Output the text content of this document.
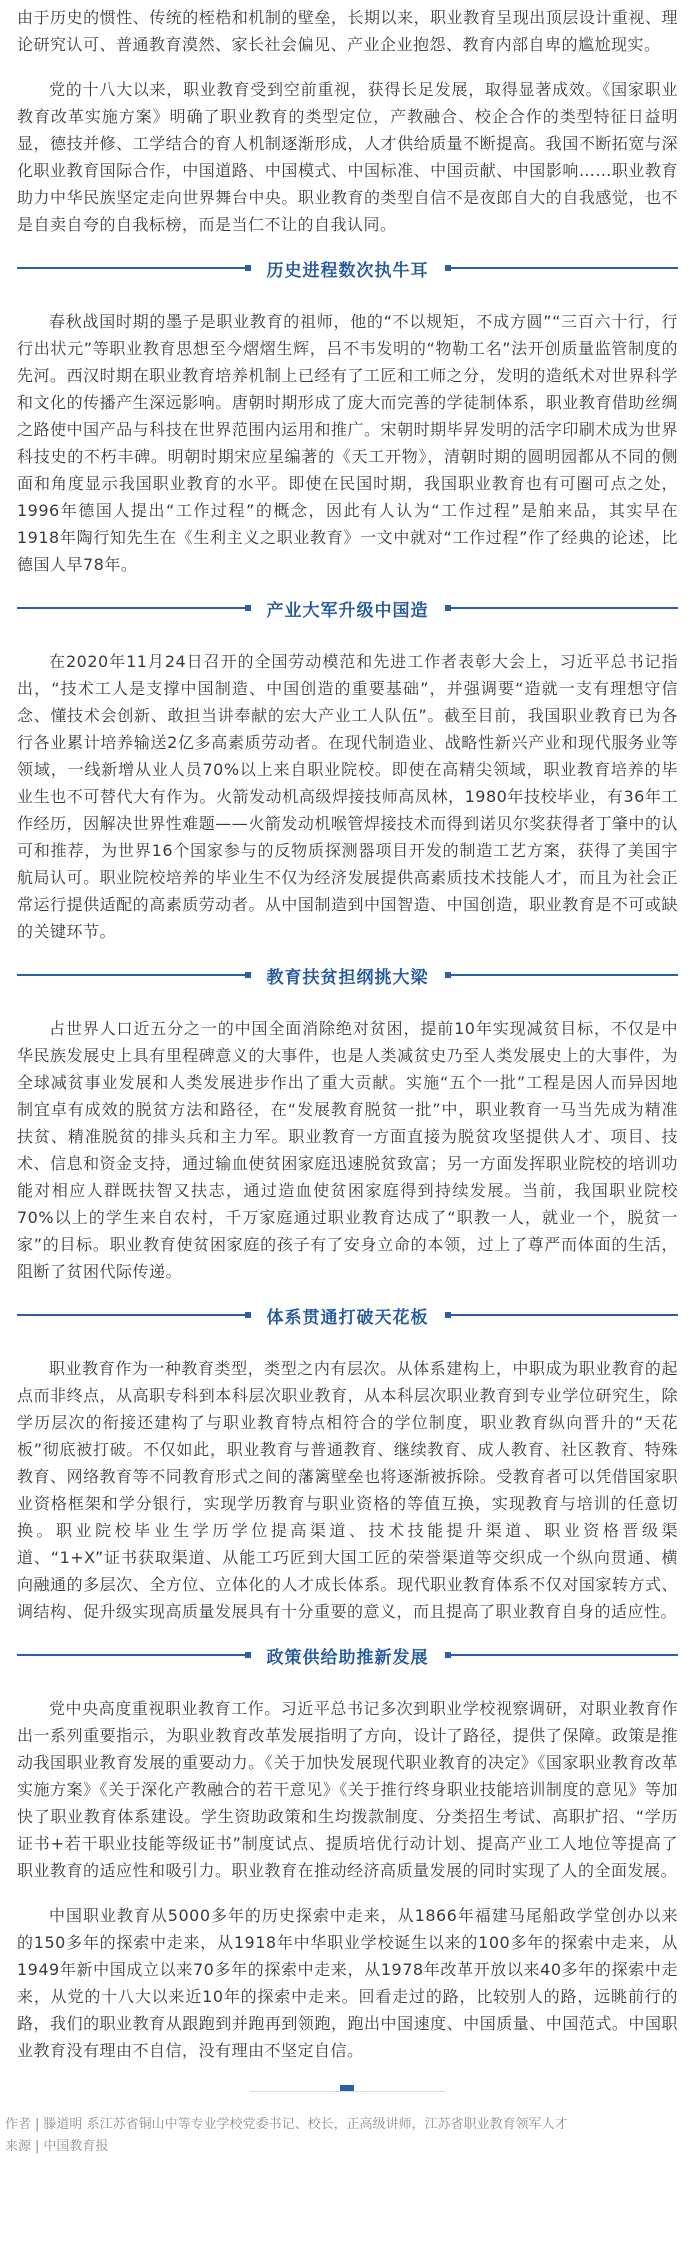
由于历史的惯性、传统的桎梏和机制的壁垒，长期以来，职业教育呈现出顶层设计重视、理论研究认可、普通教育漠然、家长社会偏见、产业企业抱怨、教育内部自卑的尴尬现实。

党的十八大以来，职业教育受到空前重视，获得长足发展，取得显著成效。《国家职业教育改革实施方案》明确了职业教育的类型定位，产教融合、校企合作的类型特征日益明显，德技并修、工学结合的育人机制逐渐形成，人才供给质量不断提高。我国不断拓宽与深化职业教育国际合作，中国道路、中国模式、中国标准、中国贡献、中国影响……职业教育助力中华民族坚定走向世界舞台中央。职业教育的类型自信不是夜郎自大的自我感觉，也不是自卖自夸的自我标榜，而是当仁不让的自我认同。

历史进程数次执牛耳

春秋战国时期的墨子是职业教育的祖师，他的“不以规矩，不成方圆”“三百六十行，行行出状元”等职业教育思想至今熠熠生辉，吕不韦发明的“物勒工名”法开创质量监管制度的先河。西汉时期在职业教育培养机制上已经有了工匠和工师之分，发明的造纸术对世界科学和文化的传播产生深远影响。唐朝时期形成了庞大而完善的学徒制体系，职业教育借助丝绸之路使中国产品与科技在世界范围内运用和推广。宋朝时期毕昇发明的活字印刷术成为世界科技史的不朽丰碑。明朝时期宋应星编著的《天工开物》，清朝时期的圆明园都从不同的侧面和角度显示我国职业教育的水平。即使在民国时期，我国职业教育也有可圈可点之处，1996年德国人提出“工作过程”的概念，因此有人认为“工作过程”是舶来品，其实早在1918年陶行知先生在《生利主义之职业教育》一文中就对“工作过程”作了经典的论述，比德国人早78年。

产业大军升级中国造

在2020年11月24日召开的全国劳动模范和先进工作者表彰大会上，习近平总书记指出，“技术工人是支撑中国制造、中国创造的重要基础”，并强调要“造就一支有理想守信念、懂技术会创新、敢担当讲奉献的宏大产业工人队伍”。截至目前，我国职业教育已为各行各业累计培养输送2亿多高素质劳动者。在现代制造业、战略性新兴产业和现代服务业等领域，一线新增从业人员70%以上来自职业院校。即使在高精尖领域，职业教育培养的毕业生也不可替代大有作为。火箭发动机高级焊接技师高凤林，1980年技校毕业，有36年工作经历，因解决世界性难题——火箭发动机喉管焊接技术而得到诺贝尔奖获得者丁肇中的认可和推荐，为世界16个国家参与的反物质探测器项目开发的制造工艺方案，获得了美国宇航局认可。职业院校培养的毕业生不仅为经济发展提供高素质技术技能人才，而且为社会正常运行提供适配的高素质劳动者。从中国制造到中国智造、中国创造，职业教育是不可或缺的关键环节。

教育扶贫担纲挑大梁

占世界人口近五分之一的中国全面消除绝对贫困，提前10年实现减贫目标，不仅是中华民族发展史上具有里程碑意义的大事件，也是人类减贫史乃至人类发展史上的大事件，为全球减贫事业发展和人类发展进步作出了重大贡献。实施“五个一批”工程是因人而异因地制宜卓有成效的脱贫方法和路径，在“发展教育脱贫一批”中，职业教育一马当先成为精准扶贫、精准脱贫的排头兵和主力军。职业教育一方面直接为脱贫攻坚提供人才、项目、技术、信息和资金支持，通过输血使贫困家庭迅速脱贫致富；另一方面发挥职业院校的培训功能对相应人群既扶智又扶志，通过造血使贫困家庭得到持续发展。当前，我国职业院校70%以上的学生来自农村，千万家庭通过职业教育达成了“职教一人，就业一个，脱贫一家”的目标。职业教育使贫困家庭的孩子有了安身立命的本领，过上了尊严而体面的生活，阻断了贫困代际传递。

体系贯通打破天花板

职业教育作为一种教育类型，类型之内有层次。从体系建构上，中职成为职业教育的起点而非终点，从高职专科到本科层次职业教育，从本科层次职业教育到专业学位研究生，除学历层次的衔接还建构了与职业教育特点相符合的学位制度，职业教育纵向晋升的“天花板”彻底被打破。不仅如此，职业教育与普通教育、继续教育、成人教育、社区教育、特殊教育、网络教育等不同教育形式之间的藩篱壁垒也将逐渐被拆除。受教育者可以凭借国家职业资格框架和学分银行，实现学历教育与职业资格的等值互换，实现教育与培训的任意切换。职业院校毕业生学历学位提高渠道、技术技能提升渠道、职业资格晋级渠道、“1+X”证书获取渠道、从能工巧匠到大国工匠的荣誉渠道等交织成一个纵向贯通、横向融通的多层次、全方位、立体化的人才成长体系。现代职业教育体系不仅对国家转方式、调结构、促升级实现高质量发展具有十分重要的意义，而且提高了职业教育自身的适应性。

政策供给助推新发展

党中央高度重视职业教育工作。习近平总书记多次到职业学校视察调研，对职业教育作出一系列重要指示，为职业教育改革发展指明了方向，设计了路径，提供了保障。政策是推动我国职业教育发展的重要动力。《关于加快发展现代职业教育的决定》《国家职业教育改革实施方案》《关于深化产教融合的若干意见》《关于推行终身职业技能培训制度的意见》等加快了职业教育体系建设。学生资助政策和生均拨款制度、分类招生考试、高职扩招、“学历证书+若干职业技能等级证书”制度试点、提质培优行动计划、提高产业工人地位等提高了职业教育的适应性和吸引力。职业教育在推动经济高质量发展的同时实现了人的全面发展。

中国职业教育从5000多年的历史探索中走来，从1866年福建马尾船政学堂创办以来的150多年的探索中走来，从1918年中华职业学校诞生以来的100多年的探索中走来，从1949年新中国成立以来70多年的探索中走来，从1978年改革开放以来40多年的探索中走来，从党的十八大以来近10年的探索中走来。回看走过的路，比较别人的路，远眺前行的路，我们的职业教育从跟跑到并跑再到领跑，跑出中国速度、中国质量、中国范式。中国职业教育没有理由不自信，没有理由不坚定自信。

作者 | 滕道明 系江苏省铜山中等专业学校党委书记、校长，正高级讲师，江苏省职业教育领军人才
来源 | 中国教育报
